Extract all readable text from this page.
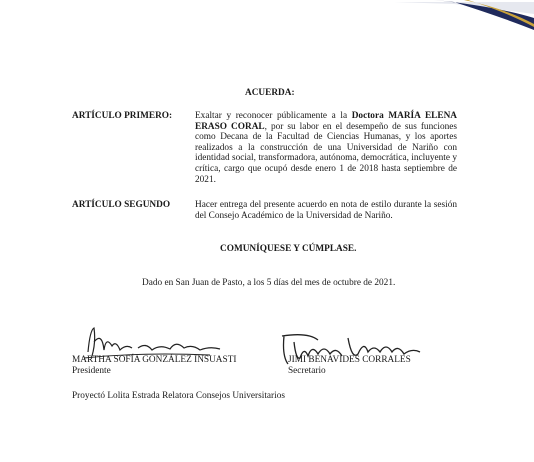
ACUERDA:
ARTÍCULO PRIMERO: Exaltar y reconocer públicamente a la Doctora MARÍA ELENA ERASO CORAL, por su labor en el desempeño de sus funciones como Decana de la Facultad de Ciencias Humanas, y los aportes realizados a la construcción de una Universidad de Nariño con identidad social, transformadora, autónoma, democrática, incluyente y crítica, cargo que ocupó desde enero 1 de 2018 hasta septiembre de 2021.
ARTÍCULO SEGUNDO	Hacer entrega del presente acuerdo en nota de estilo durante la sesión del Consejo Académico de la Universidad de Nariño.
COMUNÍQUESE Y CÚMPLASE.
Dado en San Juan de Pasto, a los 5 días del mes de octubre de 2021.
MARTHA SOFÍA GONZÁLEZ INSUASTI
Presidente
JIMI BENAVIDES CORRALES
Secretario
Proyectó Lolita Estrada Relatora Consejos Universitarios
